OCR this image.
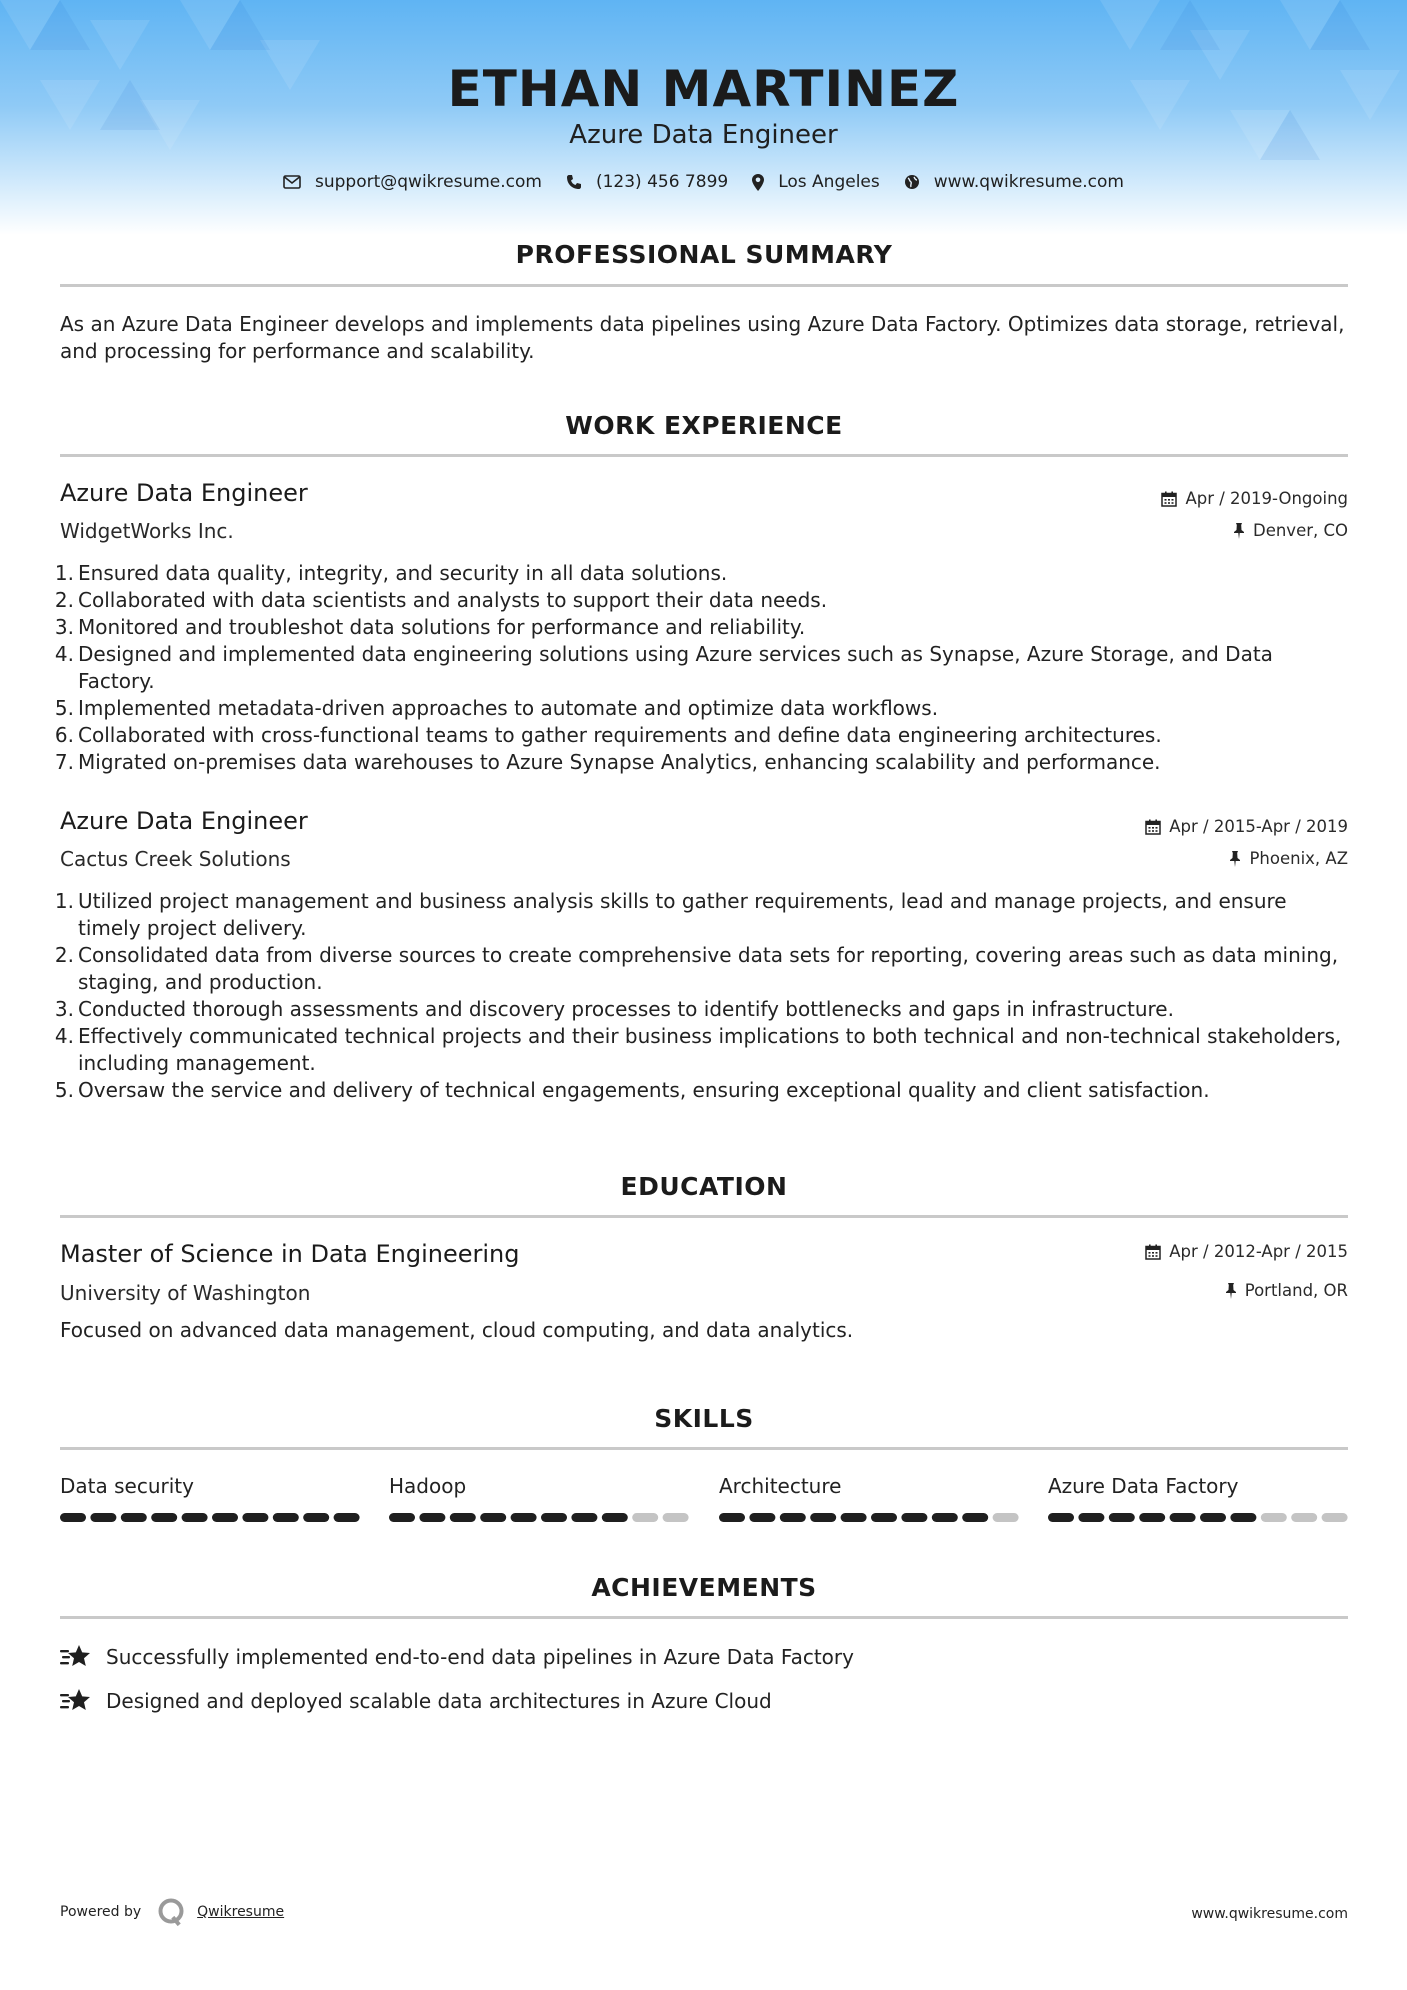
ETHAN MARTINEZ
Azure Data Engineer
support@qwikresume.com	(123) 456 7899	Los Angeles	www.qwikresume.com
PROFESSIONAL SUMMARY
As an Azure Data Engineer develops and implements data pipelines using Azure Data Factory. Optimizes data storage, retrieval, and processing for performance and scalability.
WORK EXPERIENCE
Azure Data Engineer
WidgetWorks Inc.
Apr / 2019-Ongoing
Denver, CO
1. Ensured data quality, integrity, and security in all data solutions.
2. Collaborated with data scientists and analysts to support their data needs.
3. Monitored and troubleshot data solutions for performance and reliability.
4. Designed and implemented data engineering solutions using Azure services such as Synapse, Azure Storage, and Data Factory.
5. Implemented metadata-driven approaches to automate and optimize data workflows.
6. Collaborated with cross-functional teams to gather requirements and define data engineering architectures.
7. Migrated on-premises data warehouses to Azure Synapse Analytics, enhancing scalability and performance.
Azure Data Engineer
Cactus Creek Solutions
Apr / 2015-Apr / 2019
Phoenix, AZ
1. Utilized project management and business analysis skills to gather requirements, lead and manage projects, and ensure timely project delivery.
2. Consolidated data from diverse sources to create comprehensive data sets for reporting, covering areas such as data mining, staging, and production.
3. Conducted thorough assessments and discovery processes to identify bottlenecks and gaps in infrastructure.
4. Effectively communicated technical projects and their business implications to both technical and non-technical stakeholders, including management.
5. Oversaw the service and delivery of technical engagements, ensuring exceptional quality and client satisfaction.
EDUCATION
Master of Science in Data Engineering
University of Washington
Apr / 2012-Apr / 2015
Portland, OR
Focused on advanced data management, cloud computing, and data analytics.
SKILLS
Data security	Hadoop	Architecture	Azure Data Factory
ACHIEVEMENTS
Successfully implemented end-to-end data pipelines in Azure Data Factory
Designed and deployed scalable data architectures in Azure Cloud
Powered by	Qwikresume	www.qwikresume.com
